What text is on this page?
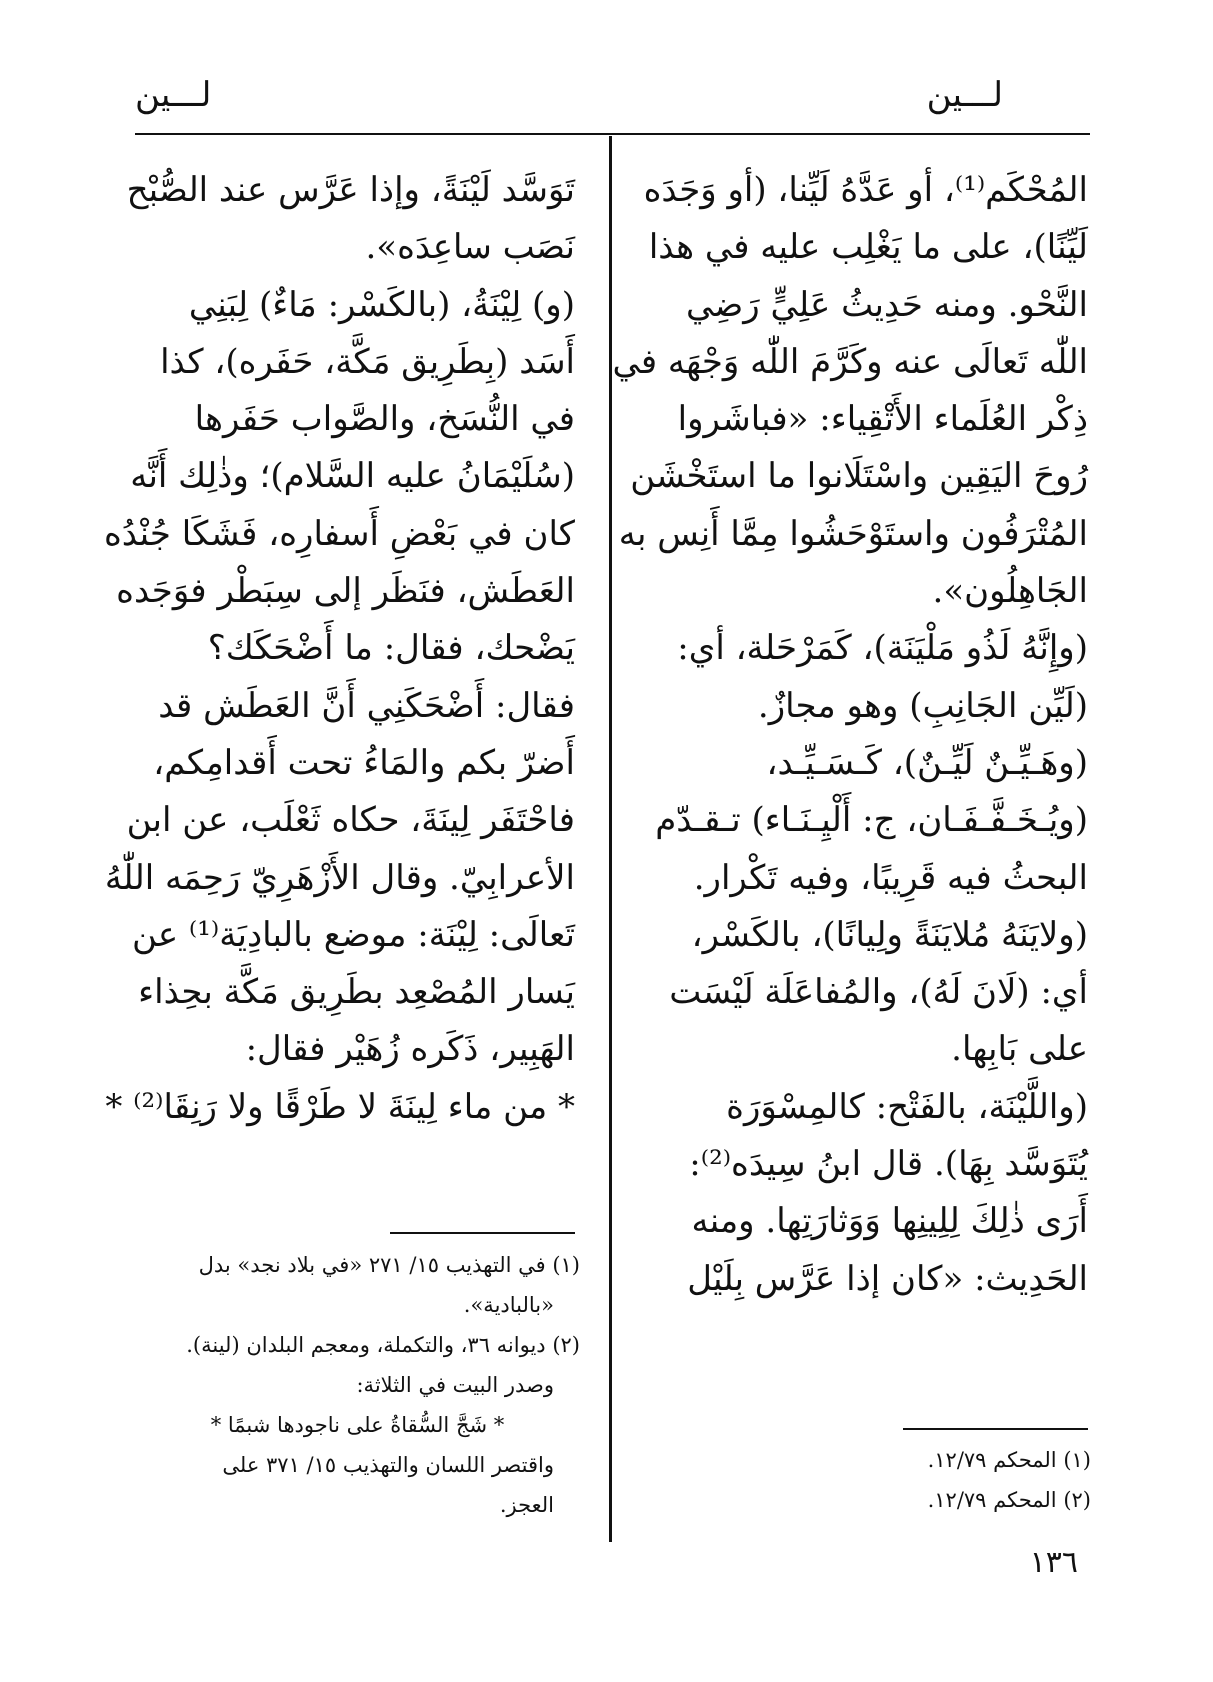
لـــين
لـــين
المُحْكَم⁽¹⁾، أو عَدَّهُ لَيِّنا، (أو وَجَدَه
لَيِّنًا)، على ما يَغْلِب عليه في هذا
النَّحْو. ومنه حَدِيثُ عَلِيٍّ رَضِي
اللّٰه تَعالَى عنه وكَرَّمَ اللّٰه وَجْهَه في
ذِكْر العُلَماء الأَتْقِياء: «فباشَروا
رُوحَ اليَقِين واسْتَلَانوا ما استَخْشَن
المُتْرَفُون واستَوْحَشُوا مِمَّا أَنِس به
الجَاهِلُون».
(وإِنَّهُ لَذُو مَلْيَنَة)، كَمَرْحَلة، أي:
(لَيِّن الجَانِبِ) وهو مجازٌ.
(وهَـيِّـنٌ لَيِّـنٌ)، كَـسَـيِّـد،
(ويُـخَـفَّـفَـان، ج: أَلْيِـنَـاء) تـقـدّم
البحثُ فيه قَرِيبًا، وفيه تَكْرار.
(ولايَنَهُ مُلايَنَةً ولِيانًا)، بالكَسْر،
أي: (لَانَ لَهُ)، والمُفاعَلَة لَيْسَت
على بَابِها.
(واللَّيْنَة، بالفَتْح: كالمِسْوَرَة
يُتَوَسَّد بِهَا). قال ابنُ سِيدَه⁽²⁾:
أَرَى ذٰلِكَ لِلِينِها وَوَثارَتِها. ومنه
الحَدِيث: «كان إذا عَرَّس بِلَيْل
تَوَسَّد لَيْنَةً، وإذا عَرَّس عند الصُّبْح
نَصَب ساعِدَه».
(و) لِيْنَةُ، (بالكَسْر: مَاءٌ) لِبَنِي
أَسَد (بِطَرِيق مَكَّة، حَفَره)، كذا
في النُّسَخ، والصَّواب حَفَرها
(سُلَيْمَانُ عليه السَّلام)؛ وذٰلِك أَنَّه
كان في بَعْضِ أَسفارِه، فَشَكَا جُنْدُه
العَطَش، فنَظَر إلى سِبَطْر فوَجَده
يَضْحك، فقال: ما أَضْحَكَك؟
فقال: أَضْحَكَنِي أَنَّ العَطَش قد
أَضرّ بكم والمَاءُ تحت أَقدامِكم،
فاحْتَفَر لِينَةَ، حكاه ثَعْلَب، عن ابن
الأعرابِيّ. وقال الأَزْهَرِيّ رَحِمَه اللّٰهُ
تَعالَى: لِيْنَة: موضع بالبادِيَة⁽¹⁾ عن
يَسار المُصْعِد بطَرِيق مَكَّة بحِذاء
الهَبِير، ذَكَره زُهَيْر فقال:
* من ماء لِينَةَ لا طَرْقًا ولا رَنِقَا⁽²⁾ *
(١) المحكم ١٢/٧٩.
(٢) المحكم ١٢/٧٩.
(١) في التهذيب ١٥/ ٢٧١ «في بلاد نجد» بدل
«بالبادية».
(٢) ديوانه ٣٦، والتكملة، ومعجم البلدان (لينة).
وصدر البيت في الثلاثة:
* شَجَّ السُّقاةُ على ناجودها شبمًا *
واقتصر اللسان والتهذيب ١٥/ ٣٧١ على
العجز.
١٣٦
